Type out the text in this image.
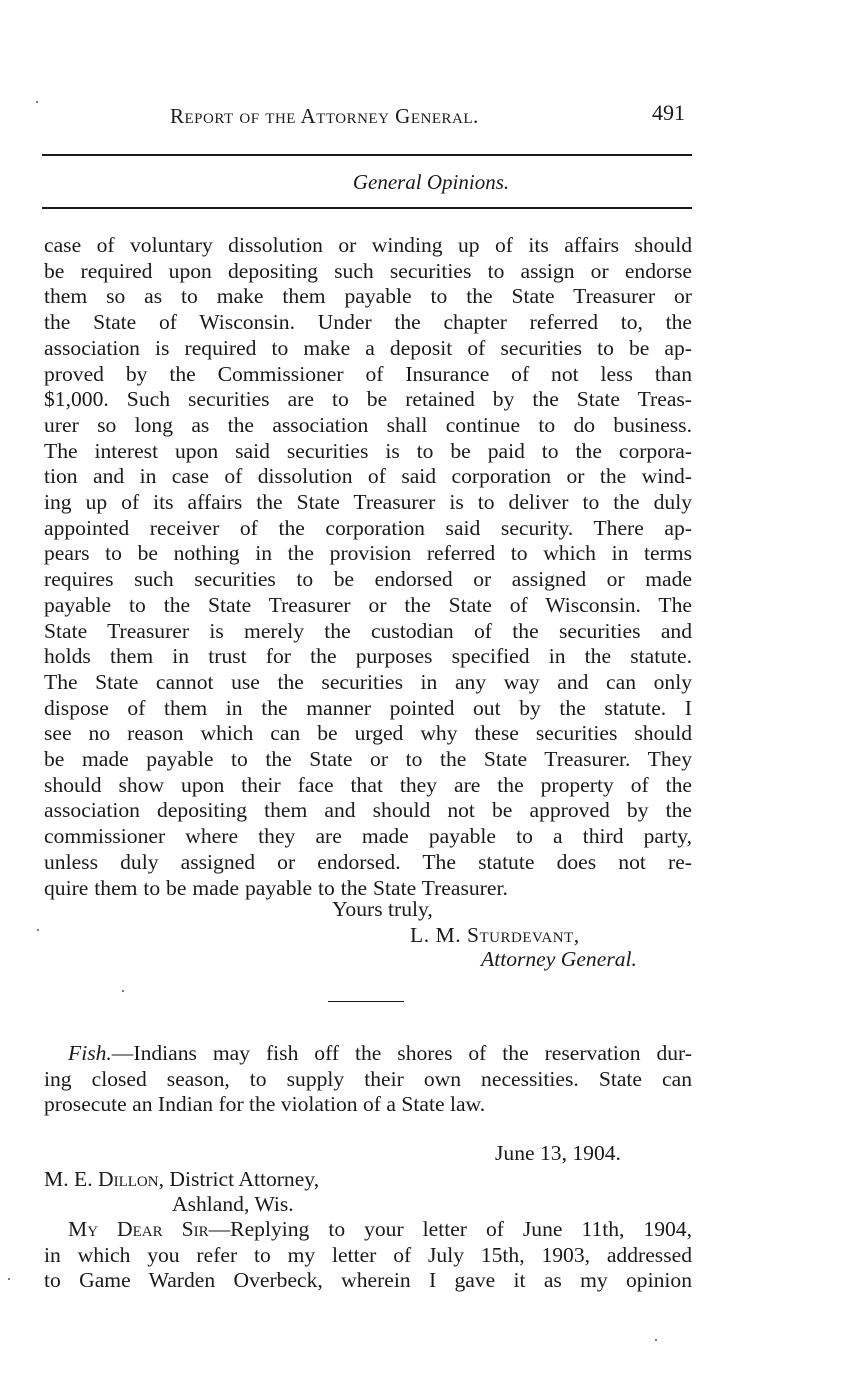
Report of the Attorney General.	491
General Opinions.
case of voluntary dissolution or winding up of its affairs should
be required upon depositing such securities to assign or endorse
them so as to make them payable to the State Treasurer or
the State of Wisconsin. Under the chapter referred to, the
association is required to make a deposit of securities to be ap-
proved by the Commissioner of Insurance of not less than
$1,000. Such securities are to be retained by the State Treas-
urer so long as the association shall continue to do business.
The interest upon said securities is to be paid to the corpora-
tion and in case of dissolution of said corporation or the wind-
ing up of its affairs the State Treasurer is to deliver to the duly
appointed receiver of the corporation said security. There ap-
pears to be nothing in the provision referred to which in terms
requires such securities to be endorsed or assigned or made
payable to the State Treasurer or the State of Wisconsin. The
State Treasurer is merely the custodian of the securities and
holds them in trust for the purposes specified in the statute.
The State cannot use the securities in any way and can only
dispose of them in the manner pointed out by the statute. I
see no reason which can be urged why these securities should
be made payable to the State or to the State Treasurer. They
should show upon their face that they are the property of the
association depositing them and should not be approved by the
commissioner where they are made payable to a third party,
unless duly assigned or endorsed. The statute does not re-
quire them to be made payable to the State Treasurer.
Yours truly,
L. M. Sturdevant,
Attorney General.
Fish.—Indians may fish off the shores of the reservation dur-
ing closed season, to supply their own necessities. State can
prosecute an Indian for the violation of a State law.
June 13, 1904.
M. E. Dillon, District Attorney,
Ashland, Wis.
My Dear Sir—Replying to your letter of June 11th, 1904,
in which you refer to my letter of July 15th, 1903, addressed
to Game Warden Overbeck, wherein I gave it as my opinion
